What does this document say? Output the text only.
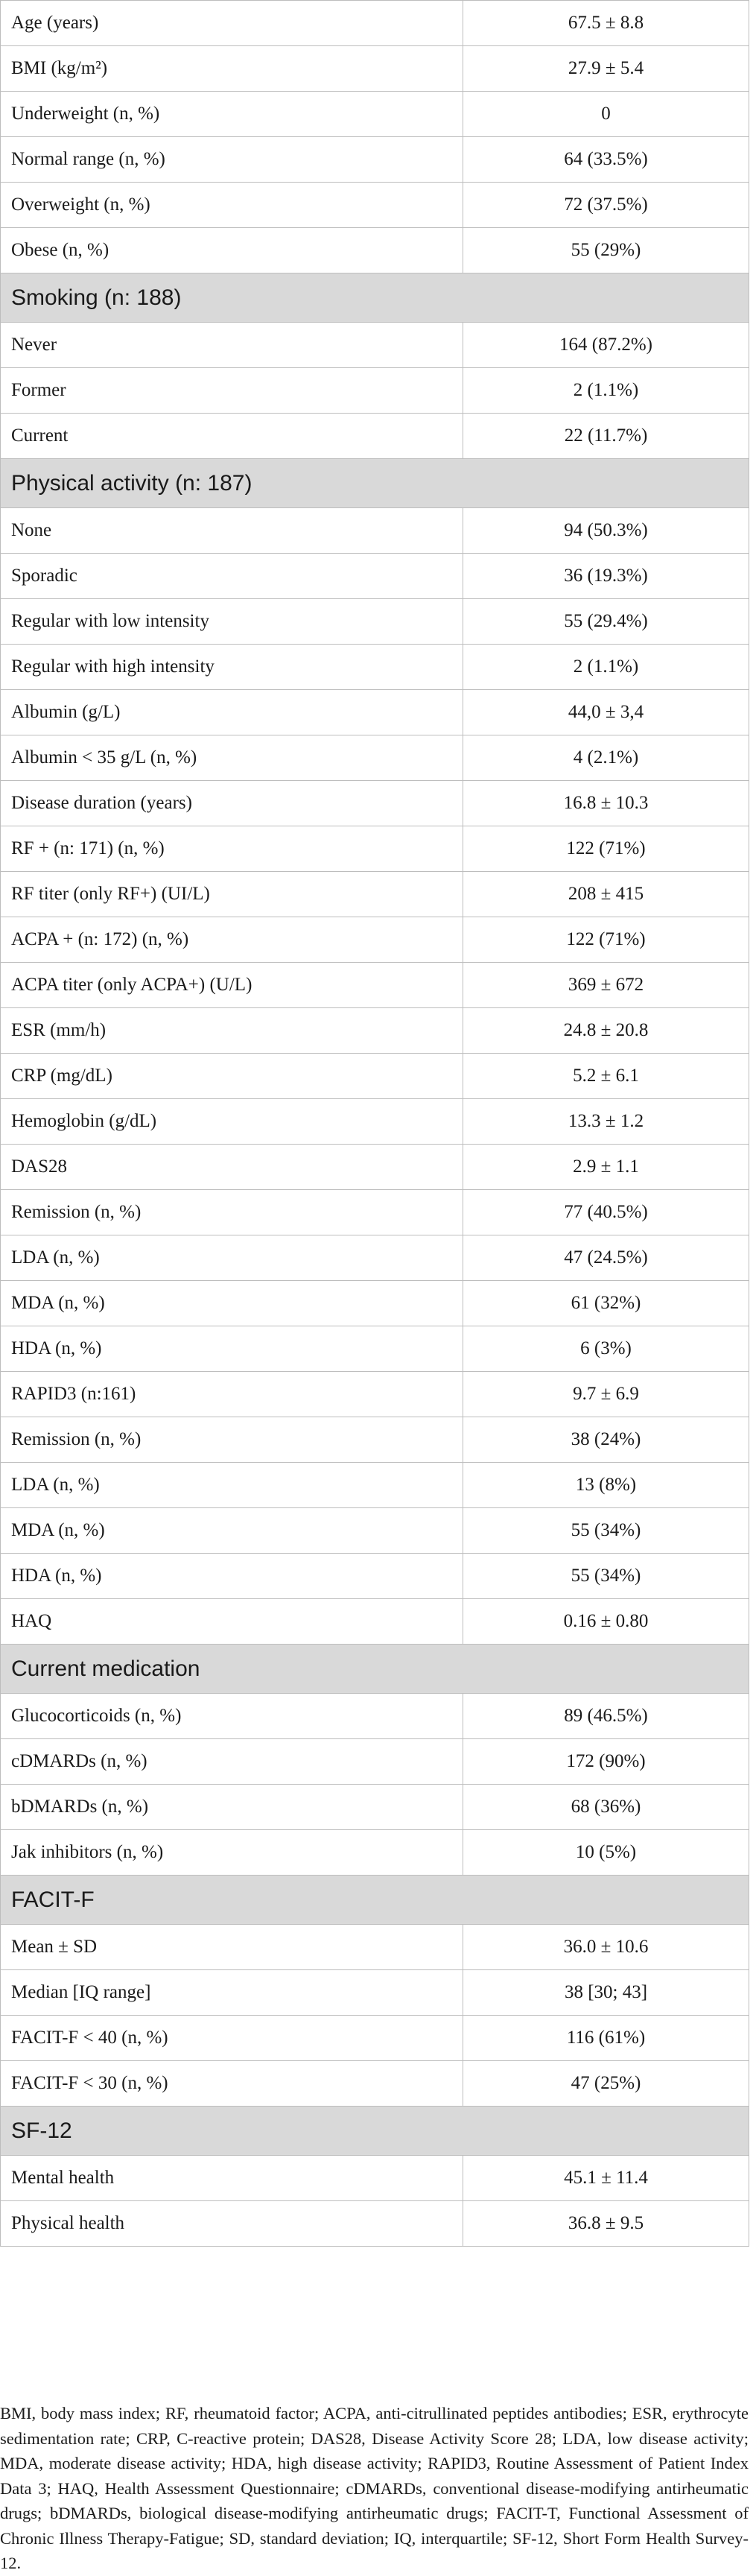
Age (years)	67.5 ± 8.8
BMI (kg/m²)	27.9 ± 5.4
Underweight (n, %)	0
Normal range (n, %)	64 (33.5%)
Overweight (n, %)	72 (37.5%)
Obese (n, %)	55 (29%)
Smoking (n: 188)	
Never	164 (87.2%)
Former	2 (1.1%)
Current	22 (11.7%)
Physical activity (n: 187)	
None	94 (50.3%)
Sporadic	36 (19.3%)
Regular with low intensity	55 (29.4%)
Regular with high intensity	2 (1.1%)
Albumin (g/L)	44,0 ± 3,4
Albumin < 35 g/L (n, %)	4 (2.1%)
Disease duration (years)	16.8 ± 10.3
RF + (n: 171) (n, %)	122 (71%)
RF titer (only RF+) (UI/L)	208 ± 415
ACPA + (n: 172) (n, %)	122 (71%)
ACPA titer (only ACPA+) (U/L)	369 ± 672
ESR (mm/h)	24.8 ± 20.8
CRP (mg/dL)	5.2 ± 6.1
Hemoglobin (g/dL)	13.3 ± 1.2
DAS28	2.9 ± 1.1
Remission (n, %)	77 (40.5%)
LDA (n, %)	47 (24.5%)
MDA (n, %)	61 (32%)
HDA (n, %)	6 (3%)
RAPID3 (n:161)	9.7 ± 6.9
Remission (n, %)	38 (24%)
LDA (n, %)	13 (8%)
MDA (n, %)	55 (34%)
HDA (n, %)	55 (34%)
HAQ	0.16 ± 0.80
Current medication	
Glucocorticoids (n, %)	89 (46.5%)
cDMARDs (n, %)	172 (90%)
bDMARDs (n, %)	68 (36%)
Jak inhibitors (n, %)	10 (5%)
FACIT-F	
Mean ± SD	36.0 ± 10.6
Median [IQ range]	38 [30; 43]
FACIT-F < 40 (n, %)	116 (61%)
FACIT-F < 30 (n, %)	47 (25%)
SF-12	
Mental health	45.1 ± 11.4
Physical health	36.8 ± 9.5
BMI, body mass index; RF, rheumatoid factor; ACPA, anti-citrullinated peptides antibodies; ESR, erythrocyte sedimentation rate; CRP, C-reactive protein; DAS28, Disease Activity Score 28; LDA, low disease activity; MDA, moderate disease activity; HDA, high disease activity; RAPID3, Routine Assessment of Patient Index Data 3; HAQ, Health Assessment Questionnaire; cDMARDs, conventional disease-modifying antirheumatic drugs; bDMARDs, biological disease-modifying antirheumatic drugs; FACIT-T, Functional Assessment of Chronic Illness Therapy-Fatigue; SD, standard deviation; IQ, interquartile; SF-12, Short Form Health Survey-12.
